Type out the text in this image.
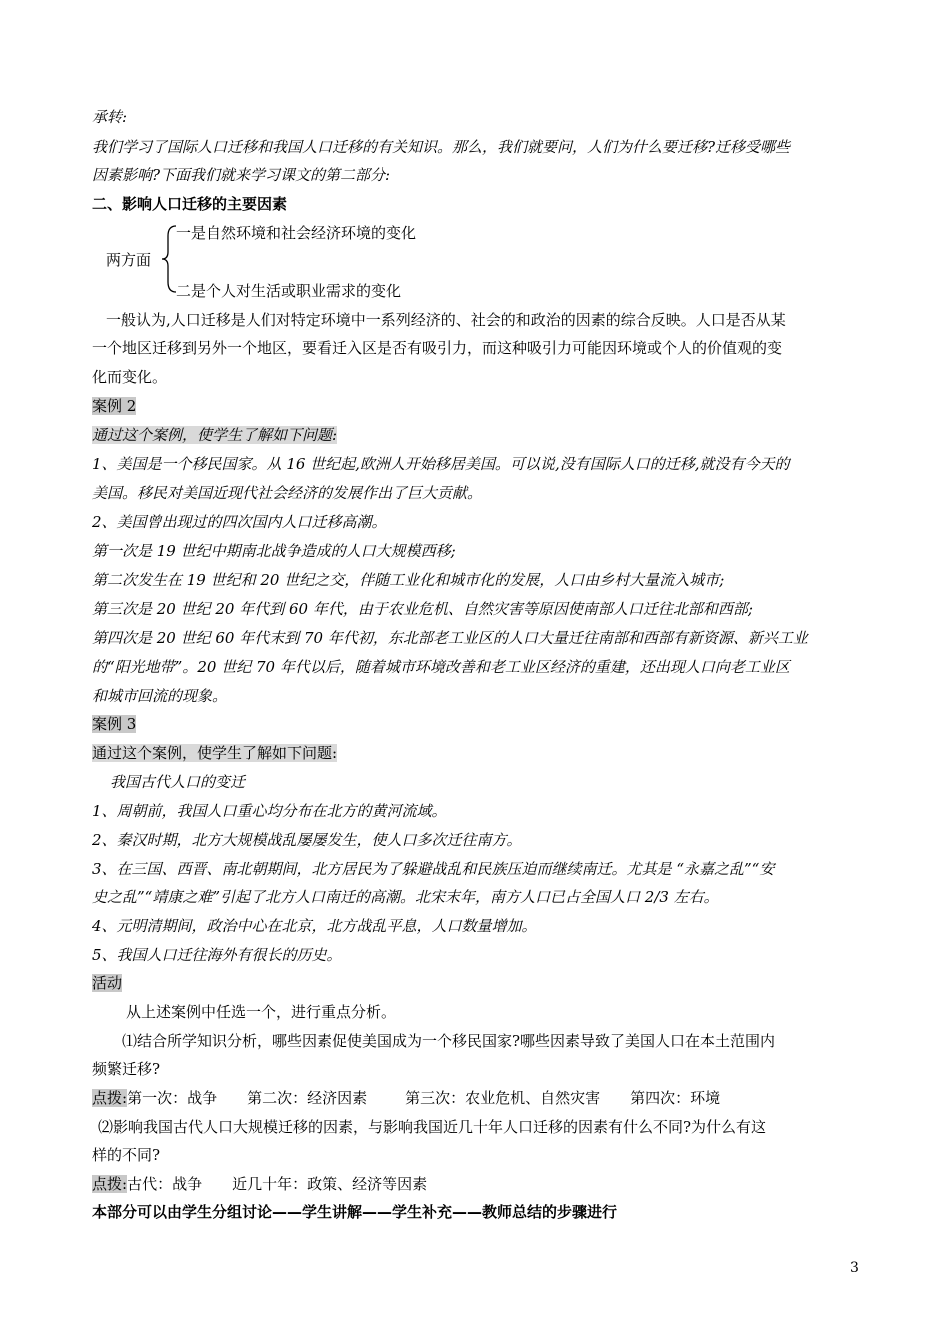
承转:
我们学习了国际人口迁移和我国人口迁移的有关知识。那么，我们就要问，人们为什么要迁移?迁移受哪些
因素影响?下面我们就来学习课文的第二部分:
二、影响人口迁移的主要因素
两方面
一是自然环境和社会经济环境的变化
二是个人对生活或职业需求的变化
一般认为,人口迁移是人们对特定环境中一系列经济的、社会的和政治的因素的综合反映。人口是否从某
一个地区迁移到另外一个地区，要看迁入区是否有吸引力，而这种吸引力可能因环境或个人的价值观的变
化而变化。
案例 2
通过这个案例，使学生了解如下问题:
1、美国是一个移民国家。从 16 世纪起,欧洲人开始移居美国。可以说,没有国际人口的迁移,就没有今天的
美国。移民对美国近现代社会经济的发展作出了巨大贡献。
2、美国曾出现过的四次国内人口迁移高潮。
第一次是 19 世纪中期南北战争造成的人口大规模西移;
第二次发生在 19 世纪和 20 世纪之交，伴随工业化和城市化的发展，人口由乡村大量流入城市;
第三次是 20 世纪 20 年代到 60 年代，由于农业危机、自然灾害等原因使南部人口迁往北部和西部;
第四次是 20 世纪 60 年代末到 70 年代初，东北部老工业区的人口大量迁往南部和西部有新资源、新兴工业
的“阳光地带”。20 世纪 70 年代以后，随着城市环境改善和老工业区经济的重建，还出现人口向老工业区
和城市回流的现象。
案例 3
通过这个案例，使学生了解如下问题:
我国古代人口的变迁
1、周朝前，我国人口重心均分布在北方的黄河流域。
2、秦汉时期，北方大规模战乱屡屡发生，使人口多次迁往南方。
3、在三国、西晋、南北朝期间，北方居民为了躲避战乱和民族压迫而继续南迁。尤其是 “永嘉之乱”“安
史之乱”“靖康之难”引起了北方人口南迁的高潮。北宋末年，南方人口已占全国人口 2/3 左右。
4、元明清期间，政治中心在北京，北方战乱平息，人口数量增加。
5、我国人口迁往海外有很长的历史。
活动
从上述案例中任选一个，进行重点分析。
⑴结合所学知识分析，哪些因素促使美国成为一个移民国家?哪些因素导致了美国人口在本土范围内
频繁迁移?
点拨:第一次：战争 第二次：经济因素	第三次：农业危机、自然灾害 第四次：环境
⑵影响我国古代人口大规模迁移的因素，与影响我国近几十年人口迁移的因素有什么不同?为什么有这
样的不同?
点拨:古代：战争 近几十年：政策、经济等因素
本部分可以由学生分组讨论——学生讲解——学生补充——教师总结的步骤进行
3
